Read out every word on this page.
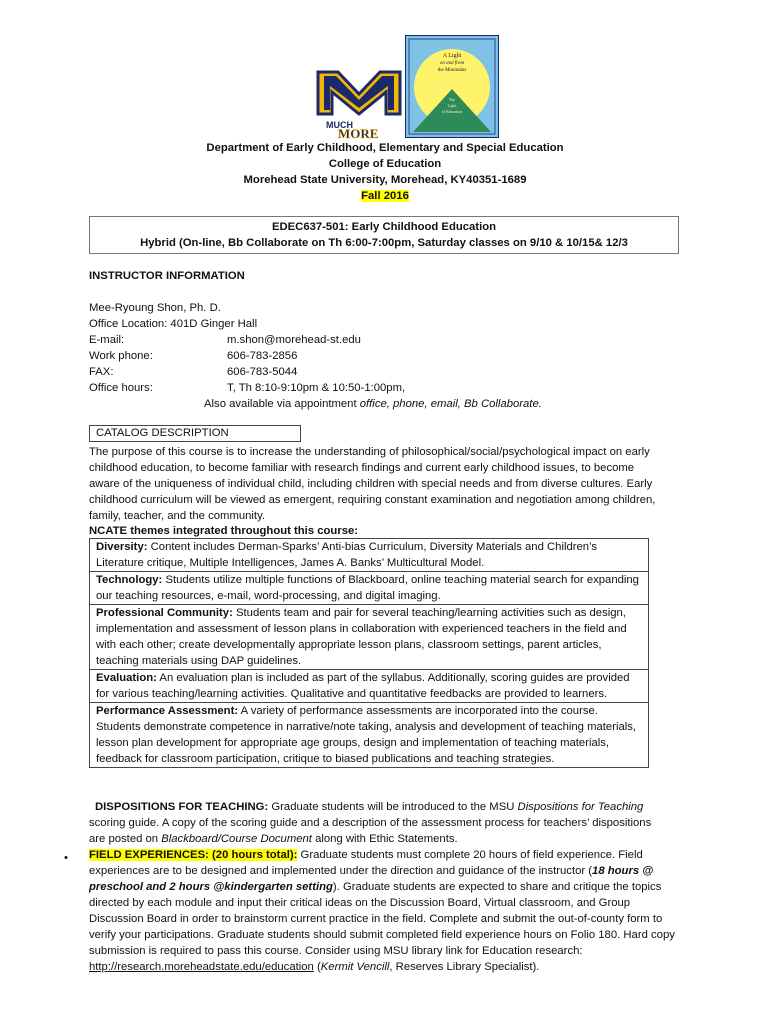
MUCH
MORE
A Light
on and from
the Mountains
The
Light
of Education
Department of Early Childhood, Elementary and Special Education
College of Education
Morehead State University, Morehead, KY40351-1689
Fall 2016
EDEC637-501: Early Childhood Education
Hybrid (On-line, Bb Collaborate on Th 6:00-7:00pm, Saturday classes on 9/10 & 10/15& 12/3
INSTRUCTOR INFORMATION
Mee-Ryoung Shon, Ph. D.
Office Location: 401D Ginger Hall
E-mail:	m.shon@morehead-st.edu
Work phone:	606-783-2856
FAX:	606-783-5044
Office hours:	T, Th 8:10-9:10pm & 10:50-1:00pm,
Also available via appointment office, phone, email, Bb Collaborate.
CATALOG DESCRIPTION
The purpose of this course is to increase the understanding of philosophical/social/psychological impact on early
childhood education, to become familiar with research findings and current early childhood issues, to become
aware of the uniqueness of individual child, including children with special needs and from diverse cultures. Early
childhood curriculum will be viewed as emergent, requiring constant examination and negotiation among children,
family, teacher, and the community.
NCATE themes integrated throughout this course:
Diversity: Content includes Derman-Sparks’ Anti-bias Curriculum, Diversity Materials and Children’s Literature critique, Multiple Intelligences, James A. Banks’ Multicultural Model.
Technology: Students utilize multiple functions of Blackboard, online teaching material search for expanding our teaching resources, e-mail, word-processing, and digital imaging.
Professional Community: Students team and pair for several teaching/learning activities such as design, implementation and assessment of lesson plans in collaboration with experienced teachers in the field and with each other; create developmentally appropriate lesson plans, classroom settings, parent articles, teaching materials using DAP guidelines.
Evaluation: An evaluation plan is included as part of the syllabus. Additionally, scoring guides are provided for various teaching/learning activities. Qualitative and quantitative feedbacks are provided to learners.
Performance Assessment: A variety of performance assessments are incorporated into the course. Students demonstrate competence in narrative/note taking, analysis and development of teaching materials, lesson plan development for appropriate age groups, design and implementation of teaching materials, feedback for classroom participation, critique to biased publications and teaching strategies.
DISPOSITIONS FOR TEACHING: Graduate students will be introduced to the MSU Dispositions for Teaching scoring guide. A copy of the scoring guide and a description of the assessment process for teachers’ dispositions are posted on Blackboard/Course Document along with Ethic Statements.
• FIELD EXPERIENCES: (20 hours total): Graduate students must complete 20 hours of field experience. Field experiences are to be designed and implemented under the direction and guidance of the instructor (18 hours @ preschool and 2 hours @kindergarten setting). Graduate students are expected to share and critique the topics directed by each module and input their critical ideas on the Discussion Board, Virtual classroom, and Group Discussion Board in order to brainstorm current practice in the field. Complete and submit the out-of-county form to verify your participations. Graduate students should submit completed field experience hours on Folio 180. Hard copy submission is required to pass this course. Consider using MSU library link for Education research: http://research.moreheadstate.edu/education (Kermit Vencill, Reserves Library Specialist).
